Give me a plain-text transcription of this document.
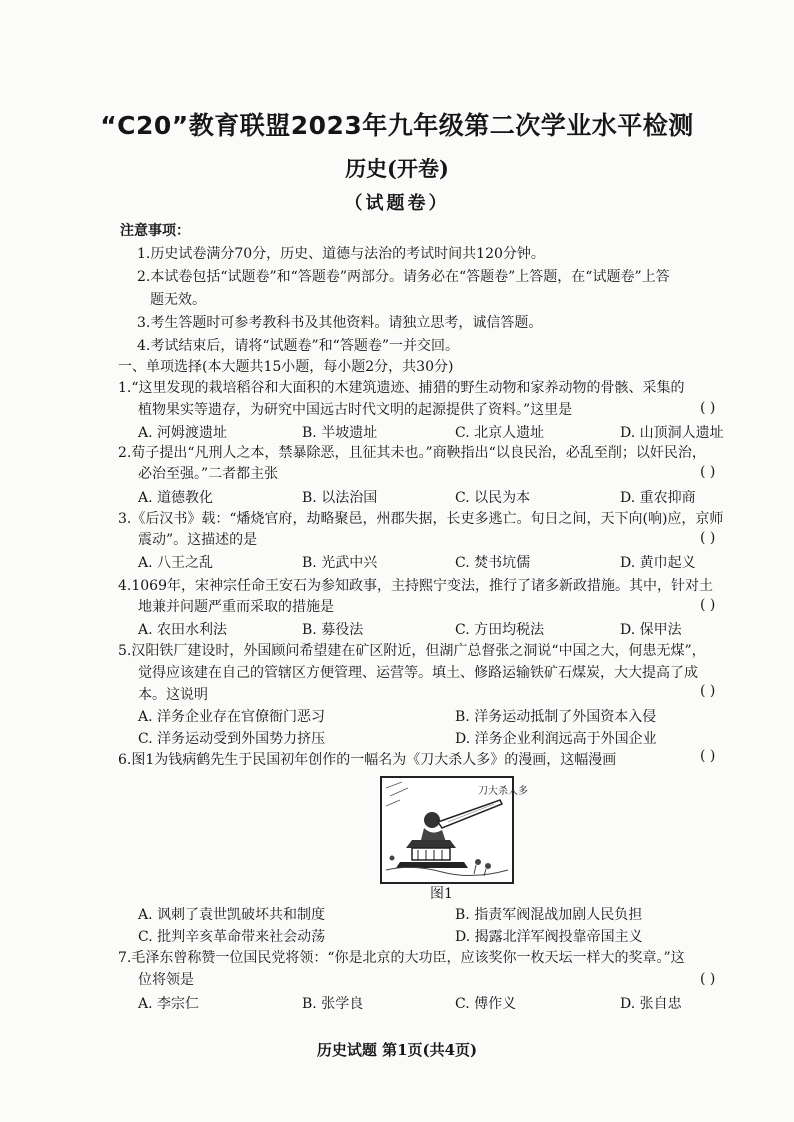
“C20”教育联盟2023年九年级第二次学业水平检测
历史(开卷)
（试题卷）
注意事项：
1.历史试卷满分70分，历史、道德与法治的考试时间共120分钟。
2.本试卷包括“试题卷”和“答题卷”两部分。请务必在“答题卷”上答题，在“试题卷”上答
题无效。
3.考生答题时可参考教科书及其他资料。请独立思考，诚信答题。
4.考试结束后，请将“试题卷”和“答题卷”一并交回。
一、单项选择(本大题共15小题，每小题2分，共30分)
1.“这里发现的栽培稻谷和大面积的木建筑遗迹、捕猎的野生动物和家养动物的骨骸、采集的
植物果实等遗存，为研究中国远古时代文明的起源提供了资料。”这里是	( )
A. 河姆渡遗址	B. 半坡遗址	C. 北京人遗址	D. 山顶洞人遗址
2.荀子提出“凡刑人之本，禁暴除恶，且征其未也。”商鞅指出“以良民治，必乱至削；以奸民治，
必治至强。”二者都主张	( )
A. 道德教化	B. 以法治国	C. 以民为本	D. 重农抑商
3.《后汉书》载：“燔烧官府，劫略聚邑，州郡失据，长吏多逃亡。旬日之间，天下向(响)应，京师
震动”。这描述的是	( )
A. 八王之乱	B. 光武中兴	C. 焚书坑儒	D. 黄巾起义
4.1069年，宋神宗任命王安石为参知政事，主持熙宁变法，推行了诸多新政措施。其中，针对土
地兼并问题严重而采取的措施是	( )
A. 农田水利法	B. 募役法	C. 方田均税法	D. 保甲法
5.汉阳铁厂建设时，外国顾问希望建在矿区附近，但湖广总督张之洞说“中国之大，何患无煤”，
觉得应该建在自己的管辖区方便管理、运营等。填土、修路运输铁矿石煤炭，大大提高了成
本。这说明	( )
A. 洋务企业存在官僚衙门恶习	B. 洋务运动抵制了外国资本入侵
C. 洋务运动受到外国势力挤压	D. 洋务企业利润远高于外国企业
6.图1为钱病鹤先生于民国初年创作的一幅名为《刀大杀人多》的漫画，这幅漫画	( )
刀大杀人多
图1
A. 讽刺了袁世凯破坏共和制度	B. 指责军阀混战加剧人民负担
C. 批判辛亥革命带来社会动荡	D. 揭露北洋军阀投靠帝国主义
7.毛泽东曾称赞一位国民党将领：“你是北京的大功臣，应该奖你一枚天坛一样大的奖章。”这
位将领是	( )
A. 李宗仁	B. 张学良	C. 傅作义	D. 张自忠
历史试题 第1页(共4页)
